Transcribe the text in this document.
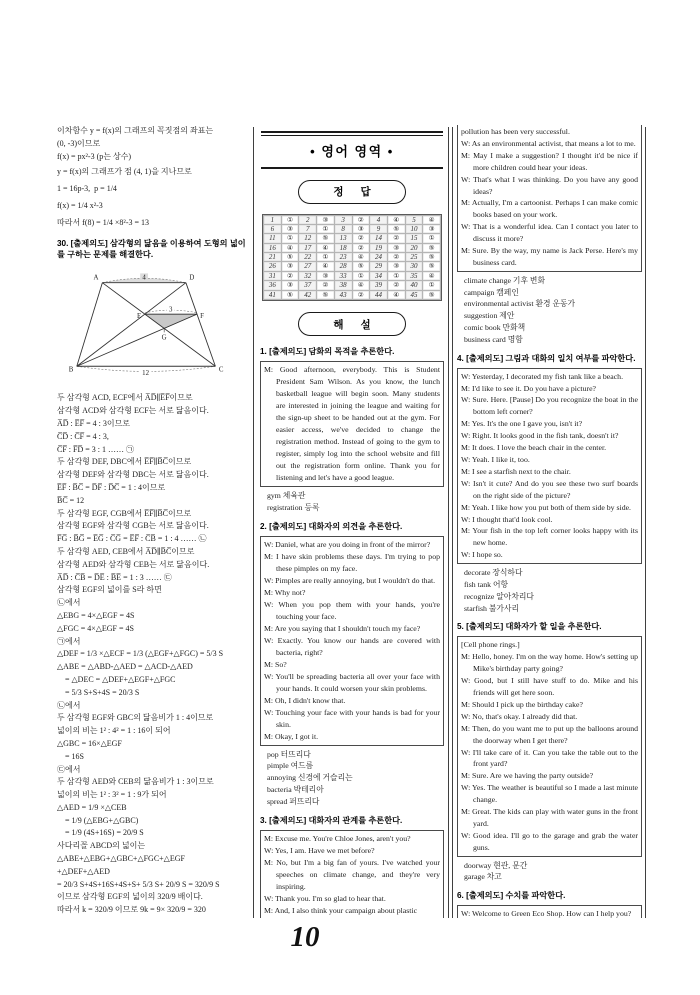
이차함수 y = f(x)의 그래프의 꼭짓점의 좌표는

(0, -3)이므로

f(x) = px²-3 (p는 상수)

y = f(x)의 그래프가 점 (4, 1)을 지나므로

1 = 16p-3,  p = 1/4

f(x) = 1/4 x²-3

따라서 f(8) = 1/4 ×8²-3 = 13

30. [출제의도] 삼각형의 닮음을 이용하여 도형의 넓이를 구하는 문제를 해결한다.

4
3
12
A	D
E	F
G
B	C

두 삼각형 ACD, ECF에서 A̅D̅∥E̅F̅이므로

삼각형 ACD와 삼각형 ECF는 서로 닮음이다.

A̅D̅ : E̅F̅ = 4 : 3이므로

C̅D̅ : C̅F̅ = 4 : 3,

C̅F̅ : F̅D̅ = 3 : 1 …… ㉠

두 삼각형 DEF, DBC에서 E̅F̅∥B̅C̅이므로

삼각형 DEF와 삼각형 DBC는 서로 닮음이다.

E̅F̅ : B̅C̅ = D̅F̅ : D̅C̅ = 1 : 4이므로

B̅C̅ = 12

두 삼각형 EGF, CGB에서 E̅F̅∥B̅C̅이므로

삼각형 EGF와 삼각형 CGB는 서로 닮음이다.

F̅G̅ : B̅G̅ = E̅G̅ : C̅G̅ = E̅F̅ : C̅B̅ = 1 : 4 …… ㉡

두 삼각형 AED, CEB에서 A̅D̅∥B̅C̅이므로

삼각형 AED와 삼각형 CEB는 서로 닮음이다.

A̅D̅ : C̅B̅ = D̅E̅ : B̅E̅ = 1 : 3 …… ㉢

삼각형 EGF의 넓이를 S라 하면

㉡에서

△EBG = 4×△EGF = 4S

△FGC = 4×△EGF = 4S

㉠에서

△DEF = 1/3 ×△ECF = 1/3 (△EGF+△FGC) = 5/3 S

△ABE = △ABD-△AED = △ACD-△AED

= △DEC = △DEF+△EGF+△FGC

= 5/3 S+S+4S = 20/3 S

㉡에서

두 삼각형 EGF와 GBC의 닮음비가 1 : 4이므로

넓이의 비는 1² : 4² = 1 : 16이 되어

△GBC = 16×△EGF

= 16S

㉢에서

두 삼각형 AED와 CEB의 닮음비가 1 : 3이므로

넓이의 비는 1² : 3² = 1 : 9가 되어

△AED = 1/9 ×△CEB

= 1/9 (△EBG+△GBC)

= 1/9 (4S+16S) = 20/9 S

사다리꼴 ABCD의 넓이는

△ABE+△EBG+△GBC+△FGC+△EGF

+△DEF+△AED

= 20/3 S+4S+16S+4S+S+ 5/3 S+ 20/9 S = 320/9 S

이므로 삼각형 EGF의 넓이의 320/9 배이다.

따라서 k = 320/9 이므로 9k = 9× 320/9 = 320

• 영어 영역 •
정 답
1	①	2	③	3	②	4	④	5	④
6	③	7	①	8	③	9	⑤	10	③
11	①	12	⑤	13	②	14	②	15	①
16	④	17	④	18	②	19	③	20	⑤
21	⑤	22	①	23	④	24	②	25	⑤
26	③	27	④	28	⑤	29	③	30	⑤
31	②	32	③	33	①	34	①	35	④
36	③	37	②	38	④	39	②	40	①
41	⑤	42	⑤	43	②	44	④	45	⑤
해 설

1. [출제의도] 담화의 목적을 추론한다.

M: Good afternoon, everybody. This is Student President Sam Wilson. As you know, the lunch basketball league will begin soon. Many students are interested in joining the league and waiting for the sign-up sheet to be handed out at the gym. For easier access, we've decided to change the registration method. Instead of going to the gym to register, simply log into the school website and fill out the registration form online. Thank you for listening and let's have a good league.

gym 체육관

registration 등록

2. [출제의도] 대화자의 의견을 추론한다.

W: Daniel, what are you doing in front of the mirror?

M: I have skin problems these days. I'm trying to pop these pimples on my face.

W: Pimples are really annoying, but I wouldn't do that.

M: Why not?

W: When you pop them with your hands, you're touching your face.

M: Are you saying that I shouldn't touch my face?

W: Exactly. You know our hands are covered with bacteria, right?

M: So?

W: You'll be spreading bacteria all over your face with your hands. It could worsen your skin problems.

M: Oh, I didn't know that.

W: Touching your face with your hands is bad for your skin.

M: Okay, I got it.

pop 터뜨리다

pimple 여드름

annoying 신경에 거슬리는

bacteria 박테리아

spread 퍼뜨리다

3. [출제의도] 대화자의 관계를 추론한다.

M: Excuse me. You're Chloe Jones, aren't you?

W: Yes, I am. Have we met before?

M: No, but I'm a big fan of yours. I've watched your speeches on climate change, and they're very inspiring.

W: Thank you. I'm so glad to hear that.

M: And, I also think your campaign about plastic

pollution has been very successful.

W: As an environmental activist, that means a lot to me.

M: May I make a suggestion? I thought it'd be nice if more children could hear your ideas.

W: That's what I was thinking. Do you have any good ideas?

M: Actually, I'm a cartoonist. Perhaps I can make comic books based on your work.

W: That is a wonderful idea. Can I contact you later to discuss it more?

M: Sure. By the way, my name is Jack Perse. Here's my business card.

climate change 기후 변화

campaign 캠페인

environmental activist 환경 운동가

suggestion 제안

comic book 만화책

business card 명함

4. [출제의도] 그림과 대화의 일치 여부를 파악한다.

W: Yesterday, I decorated my fish tank like a beach.

M: I'd like to see it. Do you have a picture?

W: Sure. Here. [Pause] Do you recognize the boat in the bottom left corner?

M: Yes. It's the one I gave you, isn't it?

W: Right. It looks good in the fish tank, doesn't it?

M: It does. I love the beach chair in the center.

W: Yeah. I like it, too.

M: I see a starfish next to the chair.

W: Isn't it cute? And do you see these two surf boards on the right side of the picture?

M: Yeah. I like how you put both of them side by side.

W: I thought that'd look cool.

M: Your fish in the top left corner looks happy with its new home.

W: I hope so.

decorate 장식하다

fish tank 어항

recognize 알아차리다

starfish 불가사리

5. [출제의도] 대화자가 할 일을 추론한다.

[Cell phone rings.]

M: Hello, honey. I'm on the way home. How's setting up Mike's birthday party going?

W: Good, but I still have stuff to do. Mike and his friends will get here soon.

M: Should I pick up the birthday cake?

W: No, that's okay. I already did that.

M: Then, do you want me to put up the balloons around the doorway when I get there?

W: I'll take care of it. Can you take the table out to the front yard?

M: Sure. Are we having the party outside?

W: Yes. The weather is beautiful so I made a last minute change.

M: Great. The kids can play with water guns in the front yard.

W: Good idea. I'll go to the garage and grab the water guns.

doorway 현관, 문간

garage 차고

6. [출제의도] 수치를 파악한다.

W: Welcome to Green Eco Shop. How can I help you?

10
